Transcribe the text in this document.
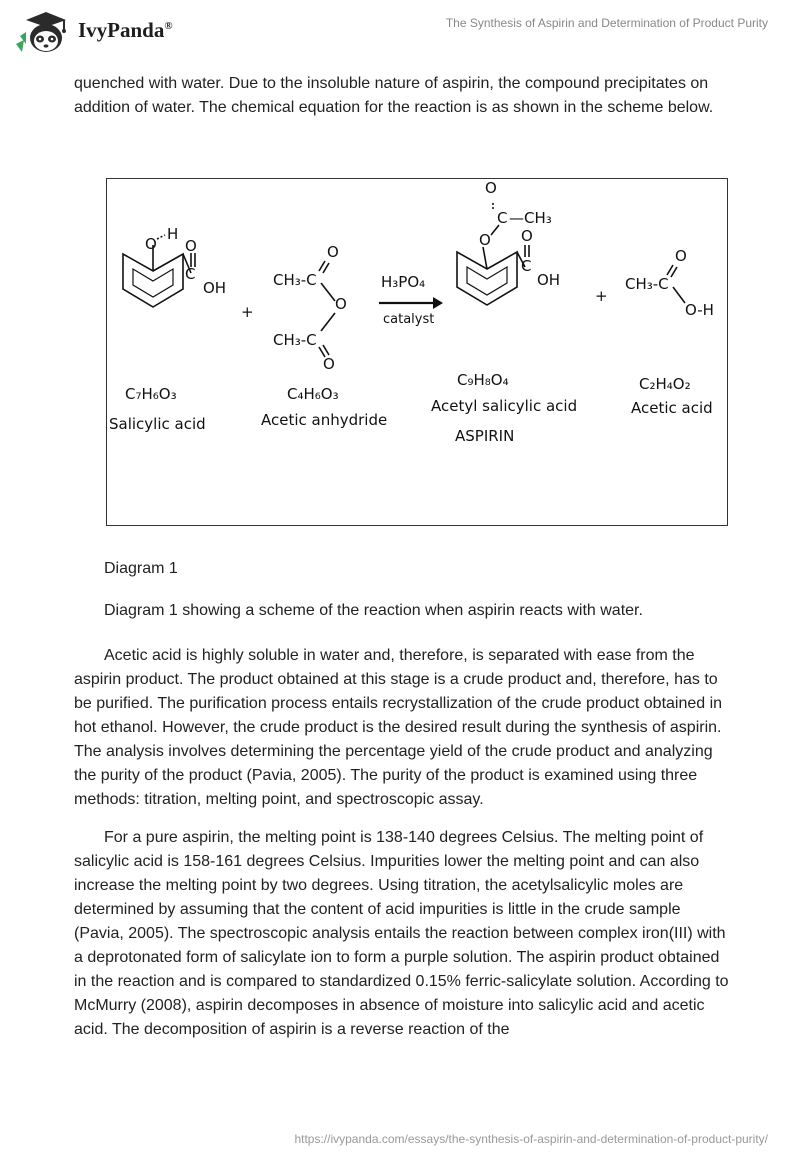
IvyPanda®	The Synthesis of Aspirin and Determination of Product Purity

quenched with water. Due to the insoluble nature of aspirin, the compound precipitates on addition of water. The chemical equation for the reaction is as shown in the scheme below.

O
H
O
C
OH
C₇H₆O₃
Salicylic acid
+
CH₃-C
O
O
CH₃-C
O
C₄H₆O₃
Acetic anhydride
H₃PO₄
catalyst
O
C
O
—CH₃
O
C
OH
C₉H₈O₄
Acetyl salicylic acid
ASPIRIN
+
CH₃-C
O
O-H
C₂H₄O₂
Acetic acid
Diagram 1
Diagram 1 showing a scheme of the reaction when aspirin reacts with water.

Acetic acid is highly soluble in water and, therefore, is separated with ease from the aspirin product. The product obtained at this stage is a crude product and, therefore, has to be purified. The purification process entails recrystallization of the crude product obtained in hot ethanol. However, the crude product is the desired result during the synthesis of aspirin. The analysis involves determining the percentage yield of the crude product and analyzing the purity of the product (Pavia, 2005). The purity of the product is examined using three methods: titration, melting point, and spectroscopic assay.

For a pure aspirin, the melting point is 138-140 degrees Celsius. The melting point of salicylic acid is 158-161 degrees Celsius. Impurities lower the melting point and can also increase the melting point by two degrees. Using titration, the acetylsalicylic moles are determined by assuming that the content of acid impurities is little in the crude sample (Pavia, 2005). The spectroscopic analysis entails the reaction between complex iron(III) with a deprotonated form of salicylate ion to form a purple solution. The aspirin product obtained in the reaction and is compared to standardized 0.15% ferric-salicylate solution. According to McMurry (2008), aspirin decomposes in absence of moisture into salicylic acid and acetic acid. The decomposition of aspirin is a reverse reaction of the

https://ivypanda.com/essays/the-synthesis-of-aspirin-and-determination-of-product-purity/
